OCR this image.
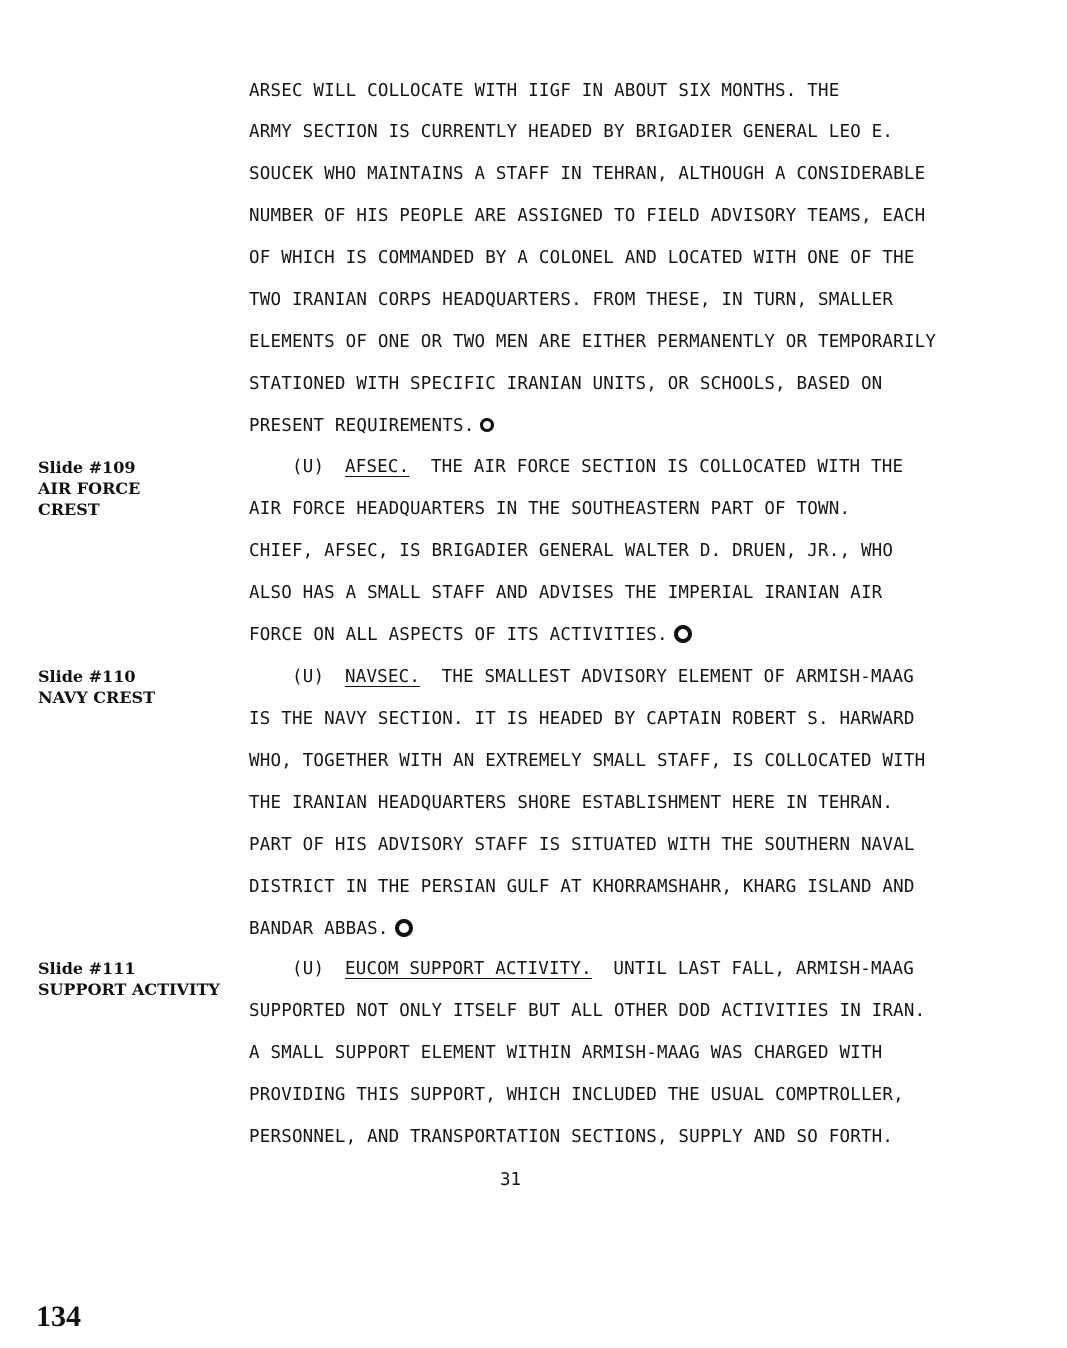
ARSEC WILL COLLOCATE WITH IIGF IN ABOUT SIX MONTHS. THE
ARMY SECTION IS CURRENTLY HEADED BY BRIGADIER GENERAL LEO E.
SOUCEK WHO MAINTAINS A STAFF IN TEHRAN, ALTHOUGH A CONSIDERABLE
NUMBER OF HIS PEOPLE ARE ASSIGNED TO FIELD ADVISORY TEAMS, EACH
OF WHICH IS COMMANDED BY A COLONEL AND LOCATED WITH ONE OF THE
TWO IRANIAN CORPS HEADQUARTERS. FROM THESE, IN TURN, SMALLER
ELEMENTS OF ONE OR TWO MEN ARE EITHER PERMANENTLY OR TEMPORARILY
STATIONED WITH SPECIFIC IRANIAN UNITS, OR SCHOOLS, BASED ON
PRESENT REQUIREMENTS.
Slide #109
AIR FORCE
CREST
(U) AFSEC.  THE AIR FORCE SECTION IS COLLOCATED WITH THE
AIR FORCE HEADQUARTERS IN THE SOUTHEASTERN PART OF TOWN.
CHIEF, AFSEC, IS BRIGADIER GENERAL WALTER D. DRUEN, JR., WHO
ALSO HAS A SMALL STAFF AND ADVISES THE IMPERIAL IRANIAN AIR
FORCE ON ALL ASPECTS OF ITS ACTIVITIES.
Slide #110
NAVY CREST
(U) NAVSEC.  THE SMALLEST ADVISORY ELEMENT OF ARMISH-MAAG
IS THE NAVY SECTION. IT IS HEADED BY CAPTAIN ROBERT S. HARWARD
WHO, TOGETHER WITH AN EXTREMELY SMALL STAFF, IS COLLOCATED WITH
THE IRANIAN HEADQUARTERS SHORE ESTABLISHMENT HERE IN TEHRAN.
PART OF HIS ADVISORY STAFF IS SITUATED WITH THE SOUTHERN NAVAL
DISTRICT IN THE PERSIAN GULF AT KHORRAMSHAHR, KHARG ISLAND AND
BANDAR ABBAS.
Slide #111
SUPPORT ACTIVITY
(U) EUCOM SUPPORT ACTIVITY.  UNTIL LAST FALL, ARMISH-MAAG
SUPPORTED NOT ONLY ITSELF BUT ALL OTHER DOD ACTIVITIES IN IRAN.
A SMALL SUPPORT ELEMENT WITHIN ARMISH-MAAG WAS CHARGED WITH
PROVIDING THIS SUPPORT, WHICH INCLUDED THE USUAL COMPTROLLER,
PERSONNEL, AND TRANSPORTATION SECTIONS, SUPPLY AND SO FORTH.
31
134
